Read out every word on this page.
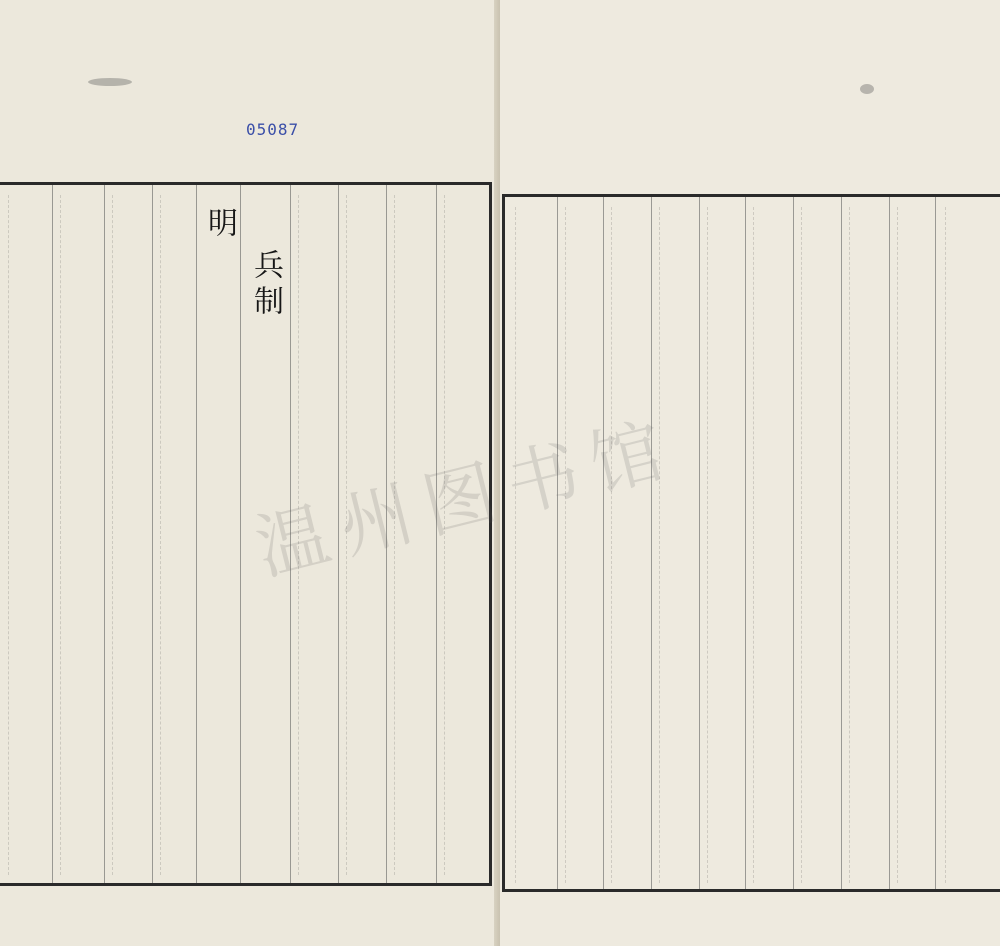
05087
明
兵制
温州图书馆
